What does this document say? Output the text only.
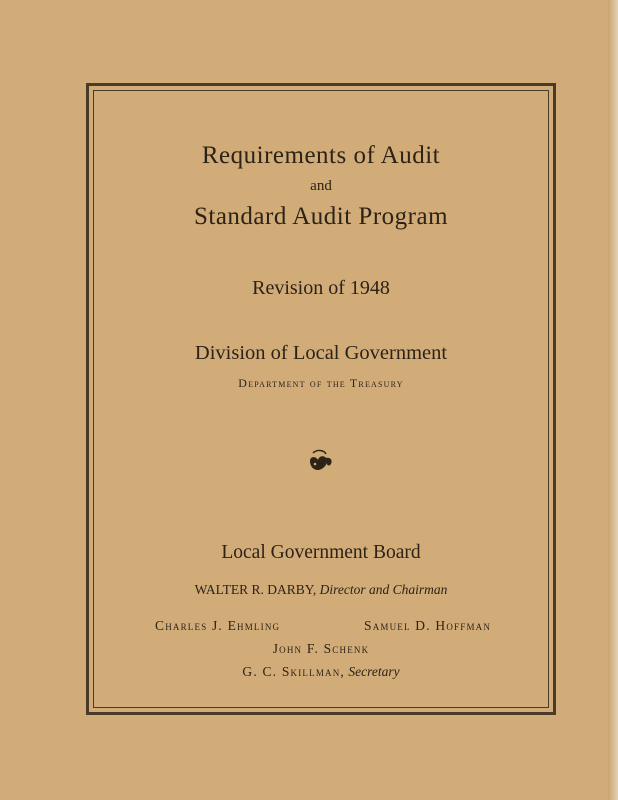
Requirements of Audit
and
Standard Audit Program
Revision of 1948
Division of Local Government
Department of the Treasury
Local Government Board
WALTER R. DARBY, Director and Chairman
Charles J. Ehmling	Samuel D. Hoffman
John F. Schenk
G. C. Skillman, Secretary
